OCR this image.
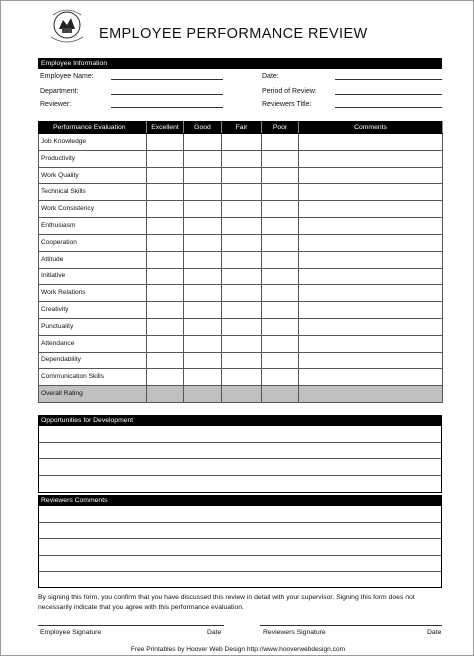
EMPLOYEE PERFORMANCE REVIEW
Employee Information
Employee Name:
Department:
Reviewer:
Date:
Period of Review:
Reviewers Title:
Performance Evaluation	Excellent	Good	Fair	Poor	Comments
Job Knowledge					
Productivity					
Work Quality					
Technical Skills					
Work Consistency					
Enthusiasm					
Cooperation					
Attitude					
Initiative					
Work Relations					
Creativity					
Punctuality					
Attendance					
Dependability					
Communication Skills					
Overall Rating					
Opportunities for Development
Reviewers Comments
By signing this form, you confirm that you have discussed this review in detail with your supervisor. Signing this form does not necessarily indicate that you agree with this performance evaluation.
Employee Signature	Date	Reviewers Signature	Date
Free Printables by Hoover Web Design http://www.hooverwebdesign.com
